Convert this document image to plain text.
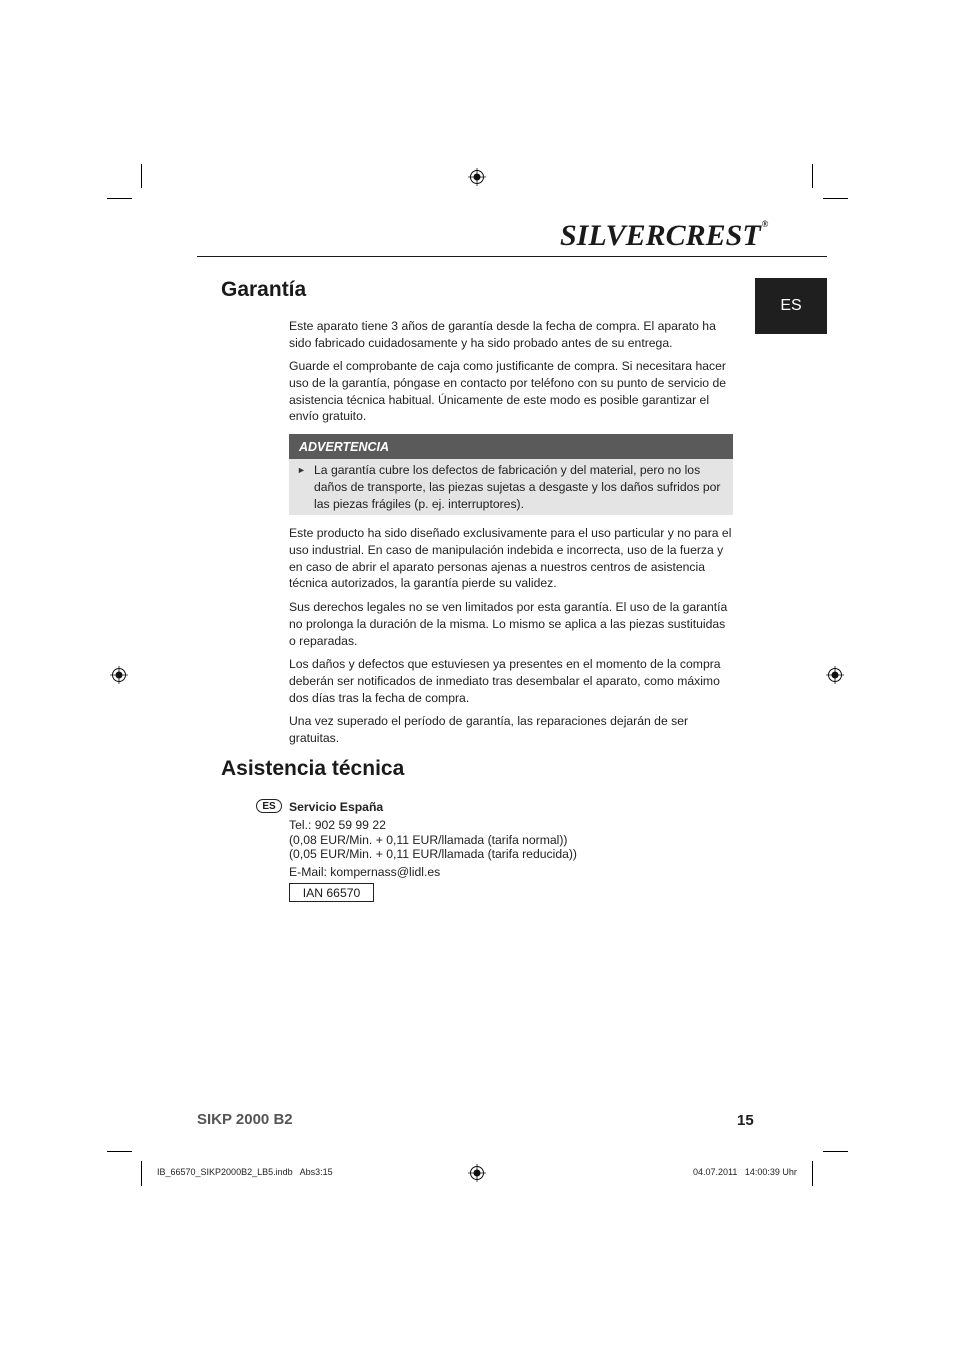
SILVERCREST®
ES
Garantía

Este aparato tiene 3 años de garantía desde la fecha de compra. El aparato ha sido fabricado cuidadosamente y ha sido probado antes de su entrega.

Guarde el comprobante de caja como justificante de compra. Si necesitara hacer uso de la garantía, póngase en contacto por teléfono con su punto de servicio de asistencia técnica habitual. Únicamente de este modo es posible garantizar el envío gratuito.

ADVERTENCIA
► La garantía cubre los defectos de fabricación y del material, pero no los daños de transporte, las piezas sujetas a desgaste y los daños sufridos por las piezas frágiles (p. ej. interruptores).

Este producto ha sido diseñado exclusivamente para el uso particular y no para el uso industrial. En caso de manipulación indebida e incorrecta, uso de la fuerza y en caso de abrir el aparato personas ajenas a nuestros centros de asistencia técnica autorizados, la garantía pierde su validez.

Sus derechos legales no se ven limitados por esta garantía. El uso de la garantía no prolonga la duración de la misma. Lo mismo se aplica a las piezas sustituidas o reparadas.

Los daños y defectos que estuviesen ya presentes en el momento de la compra deberán ser notificados de inmediato tras desembalar el aparato, como máximo dos días tras la fecha de compra.

Una vez superado el período de garantía, las reparaciones dejarán de ser gratuitas.

Asistencia técnica
ES Servicio España
Tel.: 902 59 99 22
(0,08 EUR/Min. + 0,11 EUR/llamada (tarifa normal))
(0,05 EUR/Min. + 0,11 EUR/llamada (tarifa reducida))
E-Mail: kompernass@lidl.es
IAN 66570
SIKP 2000 B2	15
IB_66570_SIKP2000B2_LB5.indb   Abs3:15	04.07.2011   14:00:39 Uhr
